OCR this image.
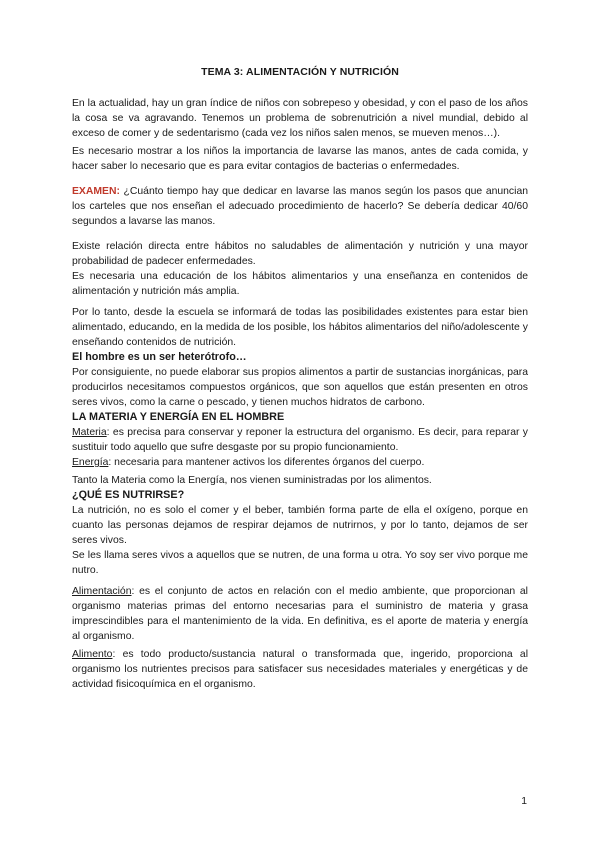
TEMA 3: ALIMENTACIÓN Y NUTRICIÓN

En la actualidad, hay un gran índice de niños con sobrepeso y obesidad, y con el paso de los años la cosa se va agravando. Tenemos un problema de sobrenutrición a nivel mundial, debido al exceso de comer y de sedentarismo (cada vez los niños salen menos, se mueven menos…).

Es necesario mostrar a los niños la importancia de lavarse las manos, antes de cada comida, y hacer saber lo necesario que es para evitar contagios de bacterias o enfermedades.

EXAMEN: ¿Cuánto tiempo hay que dedicar en lavarse las manos según los pasos que anuncian los carteles que nos enseñan el adecuado procedimiento de hacerlo? Se debería dedicar 40/60 segundos a lavarse las manos.

Existe relación directa entre hábitos no saludables de alimentación y nutrición y una mayor probabilidad de padecer enfermedades.

Es necesaria una educación de los hábitos alimentarios y una enseñanza en contenidos de alimentación y nutrición más amplia.

Por lo tanto, desde la escuela se informará de todas las posibilidades existentes para estar bien alimentado, educando, en la medida de los posible, los hábitos alimentarios del niño/adolescente y enseñando contenidos de nutrición.

El hombre es un ser heterótrofo…

Por consiguiente, no puede elaborar sus propios alimentos a partir de sustancias inorgánicas, para producirlos necesitamos compuestos orgánicos, que son aquellos que están presenten en otros seres vivos, como la carne o pescado, y tienen muchos hidratos de carbono.

LA MATERIA Y ENERGÍA EN EL HOMBRE

Materia: es precisa para conservar y reponer la estructura del organismo. Es decir, para reparar y sustituir todo aquello que sufre desgaste por su propio funcionamiento.

Energía: necesaria para mantener activos los diferentes órganos del cuerpo.

Tanto la Materia como la Energía, nos vienen suministradas por los alimentos.

¿QUÉ ES NUTRIRSE?

La nutrición, no es solo el comer y el beber, también forma parte de ella el oxígeno, porque en cuanto las personas dejamos de respirar dejamos de nutrirnos, y por lo tanto, dejamos de ser seres vivos.

Se les llama seres vivos a aquellos que se nutren, de una forma u otra. Yo soy ser vivo porque me nutro.

Alimentación: es el conjunto de actos en relación con el medio ambiente, que proporcionan al organismo materias primas del entorno necesarias para el suministro de materia y grasa imprescindibles para el mantenimiento de la vida. En definitiva, es el aporte de materia y energía al organismo.

Alimento: es todo producto/sustancia natural o transformada que, ingerido, proporciona al organismo los nutrientes precisos para satisfacer sus necesidades materiales y energéticas y de actividad fisicoquímica en el organismo.

1
